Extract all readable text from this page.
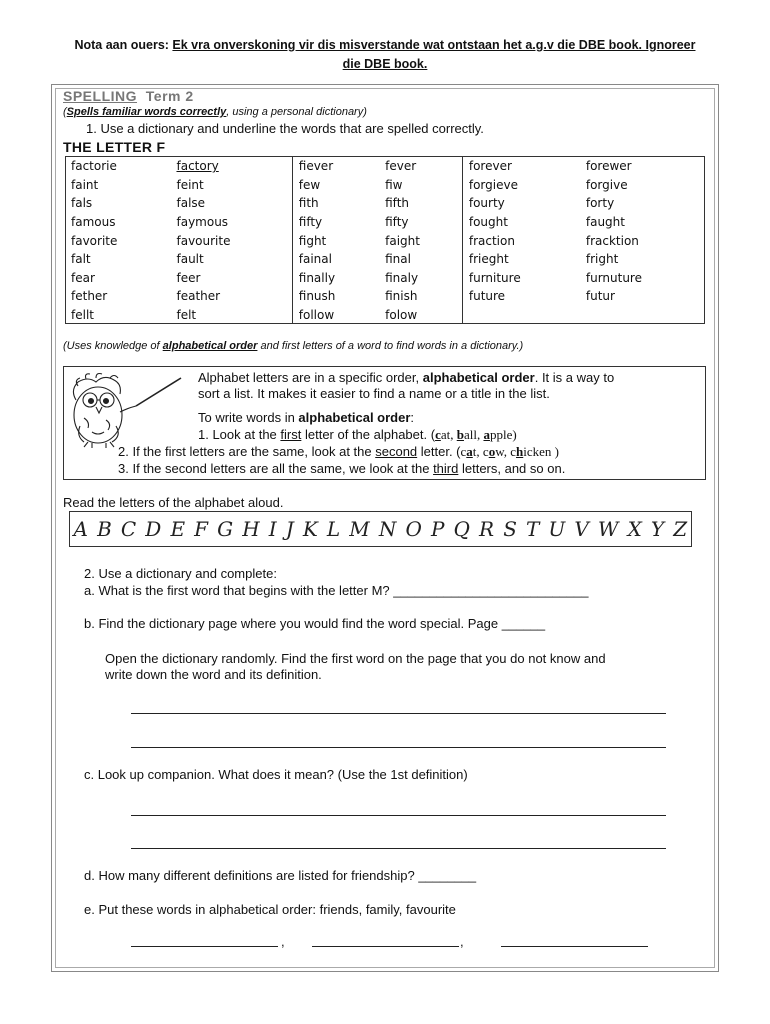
Nota aan ouers: Ek vra onverskoning vir dis misverstande wat ontstaan het a.g.v die DBE book. Ignoreer
die DBE book.
SPELLING Term 2
(Spells familiar words correctly, using a personal dictionary)
1. Use a dictionary and underline the words that are spelled correctly.
THE LETTER F
factorie	factory	fiever	fever	forever	forewer
faint	feint	few	fiw	forgieve	forgive
fals	false	fith	fifth	fourty	forty
famous	faymous	fifty	fifty	fought	faught
favorite	favourite	fight	faight	fraction	fracktion
falt	fault	fainal	final	frieght	fright
fear	feer	finally	finaly	furniture	furnuture
fether	feather	finush	finish	future	futur
fellt	felt	follow	folow		
(Uses knowledge of alphabetical order and first letters of a word to find words in a dictionary.)
Alphabet letters are in a specific order, alphabetical order. It is a way to
sort a list. It makes it easier to find a name or a title in the list.
To write words in alphabetical order:
1. Look at the first letter of the alphabet. (cat, ball, apple)
2. If the first letters are the same, look at the second letter. (cat, cow, chicken )
3. If the second letters are all the same, we look at the third letters, and so on.
Read the letters of the alphabet aloud.
A B C D E F G H I J K L M N O P Q R S T U V W X Y Z
2. Use a dictionary and complete:
a. What is the first word that begins with the letter M? ___________________________
b. Find the dictionary page where you would find the word special. Page ______
Open the dictionary randomly. Find the first word on the page that you do not know and
write down the word and its definition.
c. Look up companion. What does it mean? (Use the 1st definition)
d. How many different definitions are listed for friendship? ________
e. Put these words in alphabetical order: friends, family, favourite
,	,
